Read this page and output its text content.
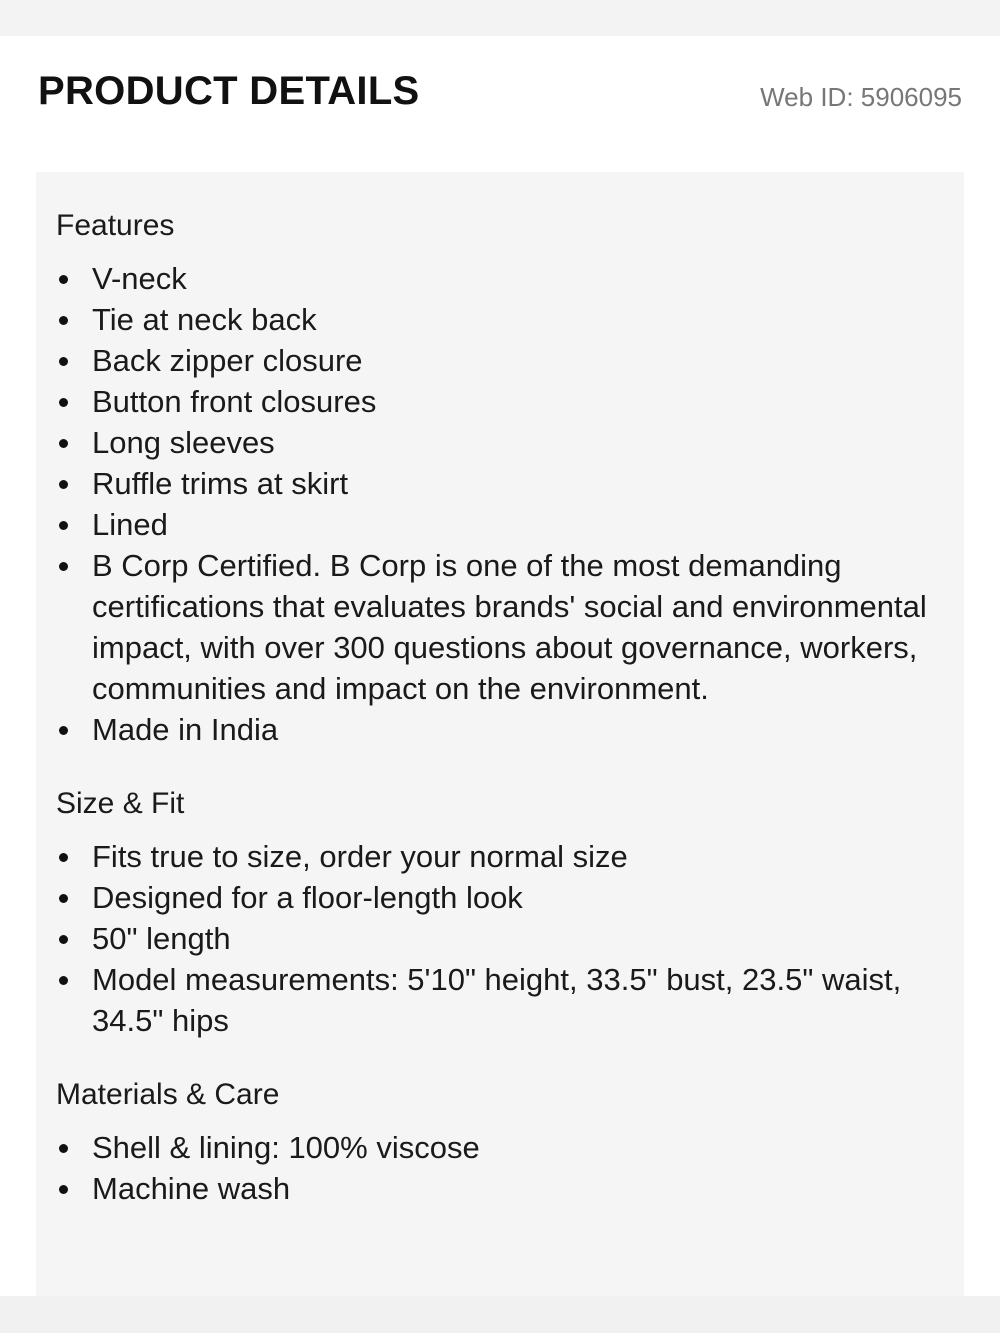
PRODUCT DETAILS	Web ID: 5906095
Features
V-neck
Tie at neck back
Back zipper closure
Button front closures
Long sleeves
Ruffle trims at skirt
Lined
B Corp Certified. B Corp is one of the most demanding certifications that evaluates brands' social and environmental impact, with over 300 questions about governance, workers, communities and impact on the environment.
Made in India
Size & Fit
Fits true to size, order your normal size
Designed for a floor-length look
50" length
Model measurements: 5'10" height, 33.5" bust, 23.5" waist, 34.5" hips
Materials & Care
Shell & lining: 100% viscose
Machine wash
